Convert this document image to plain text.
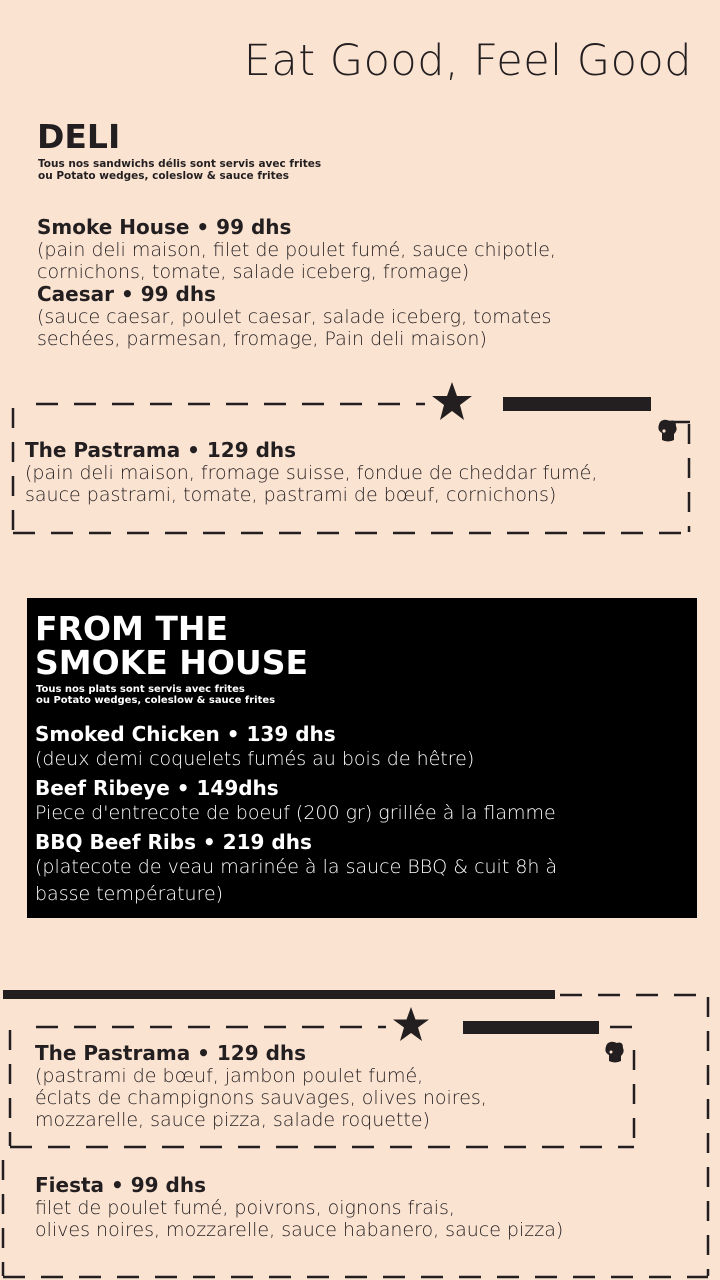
Eat Good, Feel Good
DELI
Tous nos sandwichs délis sont servis avec frites
ou Potato wedges, coleslow & sauce frites
Smoke House • 99 dhs
(pain deli maison, filet de poulet fumé, sauce chipotle,
cornichons, tomate, salade iceberg, fromage)
Caesar • 99 dhs
(sauce caesar, poulet caesar, salade iceberg, tomates
sechées, parmesan, fromage, Pain deli maison)
The Pastrama • 129 dhs
(pain deli maison, fromage suisse, fondue de cheddar fumé,
sauce pastrami, tomate, pastrami de bœuf, cornichons)
FROM THE
SMOKE HOUSE
Tous nos plats sont servis avec frites
ou Potato wedges, coleslow & sauce frites
Smoked Chicken • 139 dhs
(deux demi coquelets fumés au bois de hêtre)
Beef Ribeye • 149dhs
Piece d'entrecote de boeuf (200 gr) grillée à la flamme
BBQ Beef Ribs • 219 dhs
(platecote de veau marinée à la sauce BBQ & cuit 8h à
basse température)
The Pastrama • 129 dhs
(pastrami de bœuf, jambon poulet fumé,
éclats de champignons sauvages, olives noires,
mozzarelle, sauce pizza, salade roquette)
Fiesta • 99 dhs
filet de poulet fumé, poivrons, oignons frais,
olives noires, mozzarelle, sauce habanero, sauce pizza)
